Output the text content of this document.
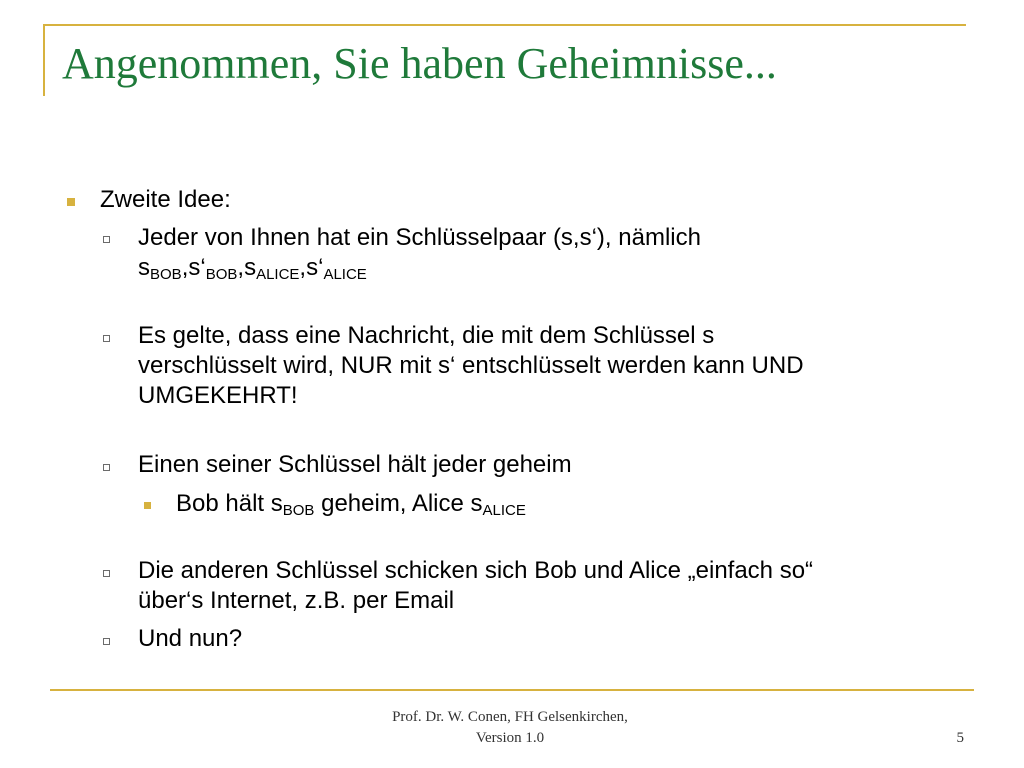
Angenommen, Sie haben Geheimnisse...
Zweite Idee:
Jeder von Ihnen hat ein Schlüsselpaar (s,s‘), nämlich
$s_{BOB},s‘_{BOB},s_{ALICE},s‘_{ALICE}$
Es gelte, dass eine Nachricht, die mit dem Schlüssel s
verschlüsselt wird, NUR mit s‘ entschlüsselt werden kann UND
UMGEKEHRT!
Einen seiner Schlüssel hält jeder geheim
Bob hält $s_{BOB}$ geheim, Alice $s_{ALICE}$
Die anderen Schlüssel schicken sich Bob und Alice „einfach so“
über‘s Internet, z.B. per Email
Und nun?
Prof. Dr. W. Conen, FH Gelsenkirchen,
Version 1.0	5
